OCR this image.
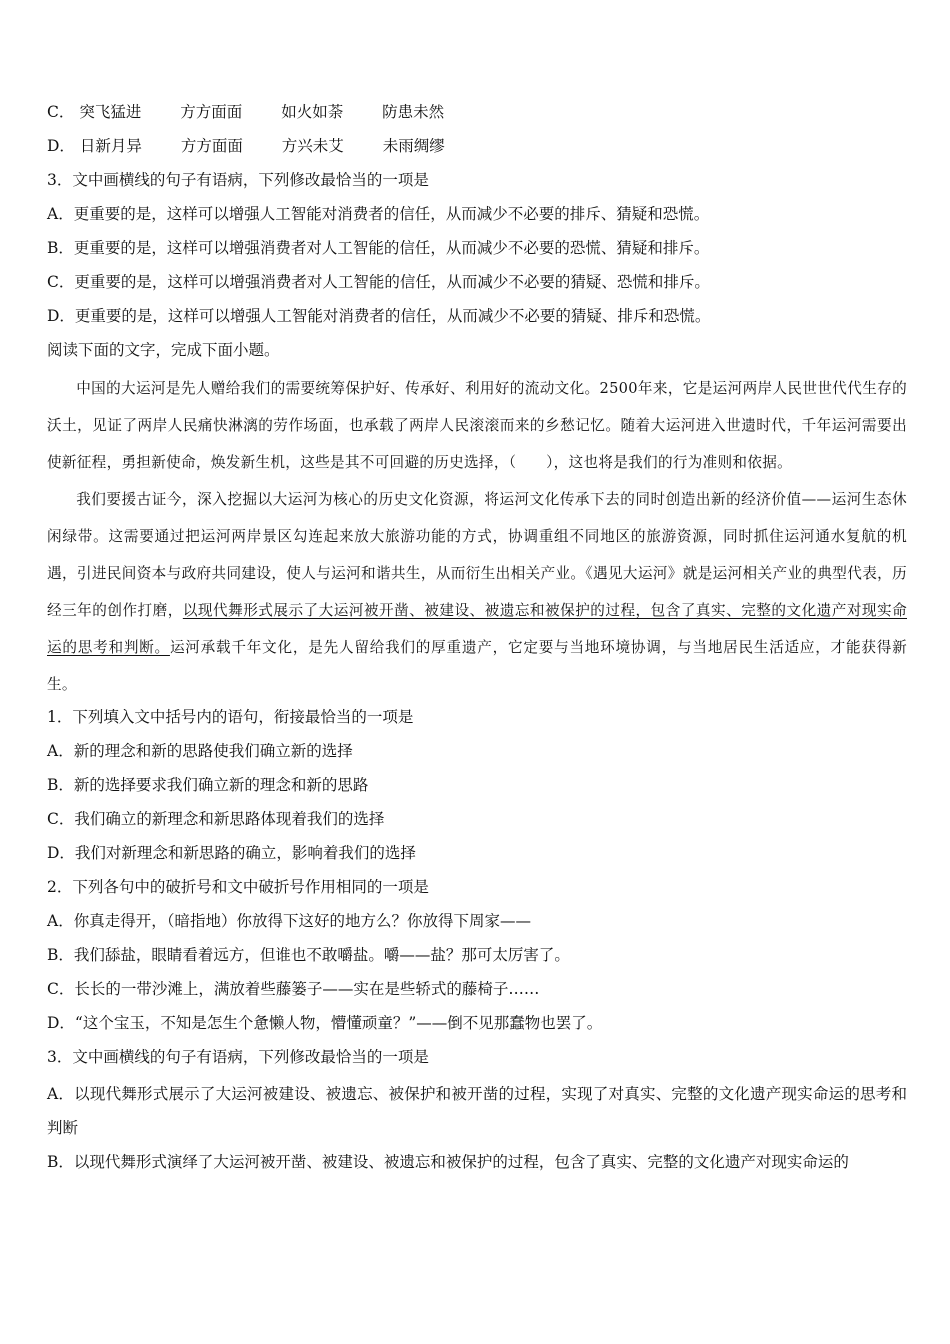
C． 突飞猛进	方方面面	如火如荼	防患未然
D． 日新月异	方方面面	方兴未艾	未雨绸缪
3．文中画横线的句子有语病，下列修改最恰当的一项是
A．更重要的是，这样可以增强人工智能对消费者的信任，从而减少不必要的排斥、猜疑和恐慌。
B．更重要的是，这样可以增强消费者对人工智能的信任，从而减少不必要的恐慌、猜疑和排斥。
C．更重要的是，这样可以增强消费者对人工智能的信任，从而减少不必要的猜疑、恐慌和排斥。
D．更重要的是，这样可以增强人工智能对消费者的信任，从而减少不必要的猜疑、排斥和恐慌。
阅读下面的文字，完成下面小题。

中国的大运河是先人赠给我们的需要统筹保护好、传承好、利用好的流动文化。2500年来，它是运河两岸人民世世代代生存的沃土，见证了两岸人民痛快淋漓的劳作场面，也承载了两岸人民滚滚而来的乡愁记忆。随着大运河进入世遗时代，千年运河需要出使新征程，勇担新使命，焕发新生机，这些是其不可回避的历史选择，（　　），这也将是我们的行为准则和依据。

我们要援古证今，深入挖掘以大运河为核心的历史文化资源，将运河文化传承下去的同时创造出新的经济价值——运河生态休闲绿带。这需要通过把运河两岸景区勾连起来放大旅游功能的方式，协调重组不同地区的旅游资源，同时抓住运河通水复航的机遇，引进民间资本与政府共同建设，使人与运河和谐共生，从而衍生出相关产业。《遇见大运河》就是运河相关产业的典型代表，历经三年的创作打磨，以现代舞形式展示了大运河被开凿、被建设、被遗忘和被保护的过程，包含了真实、完整的文化遗产对现实命运的思考和判断。运河承载千年文化，是先人留给我们的厚重遗产，它定要与当地环境协调，与当地居民生活适应，才能获得新生。

1．下列填入文中括号内的语句，衔接最恰当的一项是
A．新的理念和新的思路使我们确立新的选择
B．新的选择要求我们确立新的理念和新的思路
C．我们确立的新理念和新思路体现着我们的选择
D．我们对新理念和新思路的确立，影响着我们的选择
2．下列各句中的破折号和文中破折号作用相同的一项是
A．你真走得开，（暗指地）你放得下这好的地方么？你放得下周家——
B．我们舔盐，眼睛看着远方，但谁也不敢嚼盐。嚼——盐？那可太厉害了。
C．长长的一带沙滩上，满放着些藤篓子——实在是些轿式的藤椅子……
D．“这个宝玉，不知是怎生个惫懒人物，懵懂顽童？”——倒不见那蠢物也罢了。
3．文中画横线的句子有语病，下列修改最恰当的一项是
A．以现代舞形式展示了大运河被建设、被遗忘、被保护和被开凿的过程，实现了对真实、完整的文化遗产现实命运的思考和判断
B．以现代舞形式演绎了大运河被开凿、被建设、被遗忘和被保护的过程，包含了真实、完整的文化遗产对现实命运的
